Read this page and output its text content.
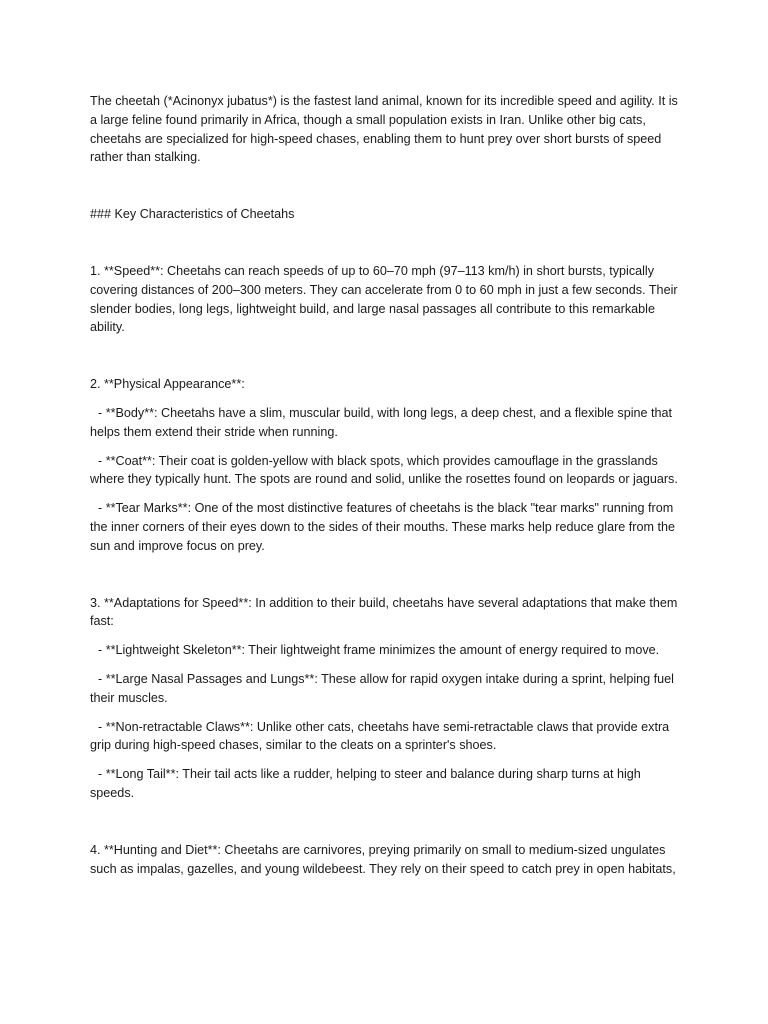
The cheetah (*Acinonyx jubatus*) is the fastest land animal, known for its incredible speed and agility. It is a large feline found primarily in Africa, though a small population exists in Iran. Unlike other big cats, cheetahs are specialized for high-speed chases, enabling them to hunt prey over short bursts of speed rather than stalking.

### Key Characteristics of Cheetahs

1. **Speed**: Cheetahs can reach speeds of up to 60–70 mph (97–113 km/h) in short bursts, typically covering distances of 200–300 meters. They can accelerate from 0 to 60 mph in just a few seconds. Their slender bodies, long legs, lightweight build, and large nasal passages all contribute to this remarkable ability.

2. **Physical Appearance**:

- **Body**: Cheetahs have a slim, muscular build, with long legs, a deep chest, and a flexible spine that helps them extend their stride when running.

- **Coat**: Their coat is golden-yellow with black spots, which provides camouflage in the grasslands where they typically hunt. The spots are round and solid, unlike the rosettes found on leopards or jaguars.

- **Tear Marks**: One of the most distinctive features of cheetahs is the black "tear marks" running from the inner corners of their eyes down to the sides of their mouths. These marks help reduce glare from the sun and improve focus on prey.

3. **Adaptations for Speed**: In addition to their build, cheetahs have several adaptations that make them fast:

- **Lightweight Skeleton**: Their lightweight frame minimizes the amount of energy required to move.

- **Large Nasal Passages and Lungs**: These allow for rapid oxygen intake during a sprint, helping fuel their muscles.

- **Non-retractable Claws**: Unlike other cats, cheetahs have semi-retractable claws that provide extra grip during high-speed chases, similar to the cleats on a sprinter's shoes.

- **Long Tail**: Their tail acts like a rudder, helping to steer and balance during sharp turns at high speeds.

4. **Hunting and Diet**: Cheetahs are carnivores, preying primarily on small to medium-sized ungulates such as impalas, gazelles, and young wildebeest. They rely on their speed to catch prey in open habitats,
